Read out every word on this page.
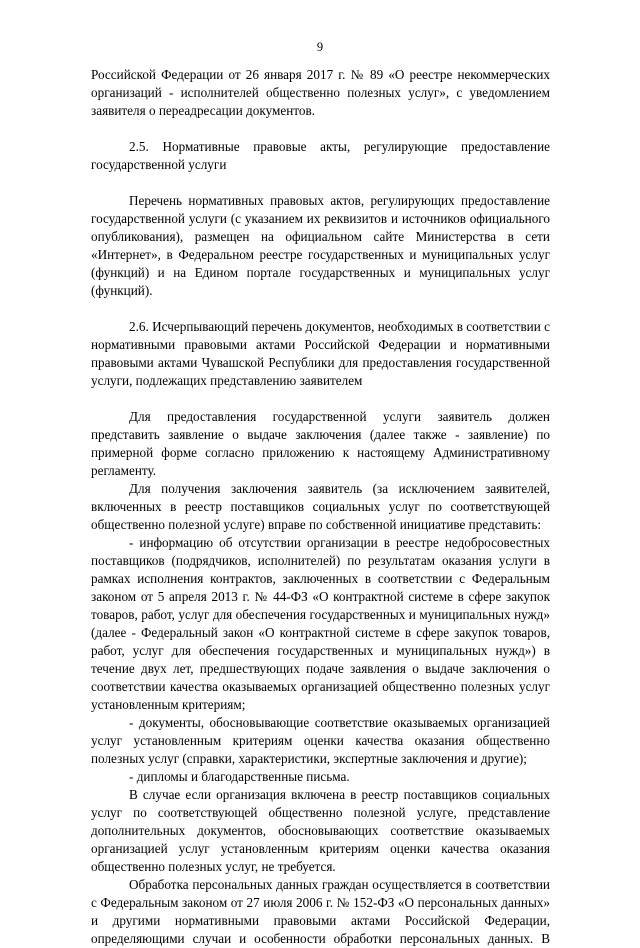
9

Российской Федерации от 26 января 2017 г. № 89 «О реестре некоммерческих организаций - исполнителей общественно полезных услуг», с уведомлением заявителя о переадресации документов.

2.5. Нормативные правовые акты, регулирующие предоставление государственной услуги

Перечень нормативных правовых актов, регулирующих предоставление государственной услуги (с указанием их реквизитов и источников официального опубликования), размещен на официальном сайте Министерства в сети «Интернет», в Федеральном реестре государственных и муниципальных услуг (функций) и на Едином портале государственных и муниципальных услуг (функций).

2.6. Исчерпывающий перечень документов, необходимых в соответствии с нормативными правовыми актами Российской Федерации и нормативными правовыми актами Чувашской Республики для предоставления государственной услуги, подлежащих представлению заявителем

Для предоставления государственной услуги заявитель должен представить заявление о выдаче заключения (далее также - заявление) по примерной форме согласно приложению к настоящему Административному регламенту.

Для получения заключения заявитель (за исключением заявителей, включенных в реестр поставщиков социальных услуг по соответствующей общественно полезной услуге) вправе по собственной инициативе представить:

- информацию об отсутствии организации в реестре недобросовестных поставщиков (подрядчиков, исполнителей) по результатам оказания услуги в рамках исполнения контрактов, заключенных в соответствии с Федеральным законом от 5 апреля 2013 г. № 44-ФЗ «О контрактной системе в сфере закупок товаров, работ, услуг для обеспечения государственных и муниципальных нужд» (далее - Федеральный закон «О контрактной системе в сфере закупок товаров, работ, услуг для обеспечения государственных и муниципальных нужд») в течение двух лет, предшествующих подаче заявления о выдаче заключения о соответствии качества оказываемых организацией общественно полезных услуг установленным критериям;

- документы, обосновывающие соответствие оказываемых организацией услуг установленным критериям оценки качества оказания общественно полезных услуг (справки, характеристики, экспертные заключения и другие);

- дипломы и благодарственные письма.

В случае если организация включена в реестр поставщиков социальных услуг по соответствующей общественно полезной услуге, представление дополнительных документов, обосновывающих соответствие оказываемых организацией услуг установленным критериям оценки качества оказания общественно полезных услуг, не требуется.

Обработка персональных данных граждан осуществляется в соответствии с Федеральным законом от 27 июля 2006 г. № 152-ФЗ «О персональных данных» и другими нормативными правовыми актами Российской Федерации, определяющими случаи и особенности обработки персональных данных. В
